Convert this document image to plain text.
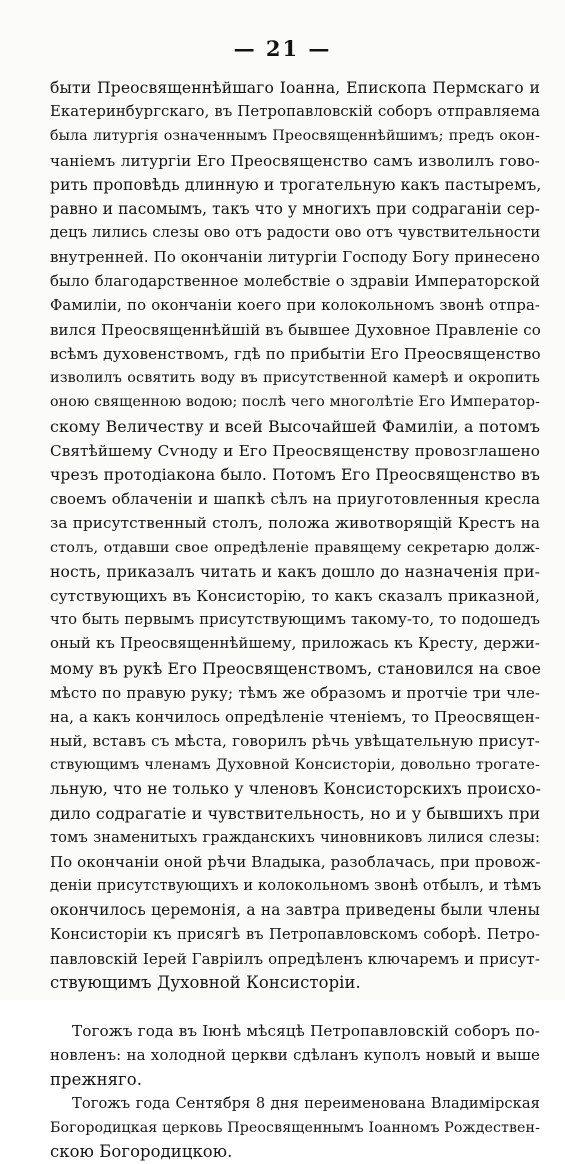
— 21 —
быти Преосвященнѣйшаго Іоанна, Епископа Пермскаго и
Екатеринбургскаго, въ Петропавловскій соборъ отправляема
была литургія означеннымъ Преосвященнѣйшимъ; предъ окон-
чаніемъ литургіи Его Преосвященство самъ изволилъ гово-
рить проповѣдь длинную и трогательную какъ пастыремъ,
равно и пасомымъ, такъ что у многихъ при содраганіи сер-
децъ лились слезы ово отъ радости ово отъ чувствительности
внутренней. По окончаніи литургіи Господу Богу принесено
было благодарственное молебствіе о здравіи Императорской
Фамиліи, по окончаніи коего при колокольномъ звонѣ отпра-
вился Преосвященнѣйшій въ бывшее Духовное Правленіе со
всѣмъ духовенствомъ, гдѣ по прибытіи Его Преосвященство
изволилъ освятить воду въ присутственной камерѣ и окропить
оною священною водою; послѣ чего многолѣтіе Его Император-
скому Величеству и всей Высочайшей Фамиліи, а потомъ
Святѣйшему Сѵноду и Его Преосвященству провозглашено
чрезъ протодіакона было. Потомъ Его Преосвященство въ
своемъ облаченіи и шапкѣ сѣлъ на приуготовленныя кресла
за присутственный столъ, положа животворящій Крестъ на
столъ, отдавши свое опредѣленіе правящему секретарю долж-
ность, приказалъ читать и какъ дошло до назначенія при-
сутствующихъ въ Консисторію, то какъ сказалъ приказной,
что быть первымъ присутствующимъ такому-то, то подошедъ
оный къ Преосвященнѣйшему, приложась къ Кресту, держи-
мому въ рукѣ Его Преосвященствомъ, становился на свое
мѣсто по правую руку; тѣмъ же образомъ и протчіе три чле-
на, а какъ кончилось опредѣленіе чтеніемъ, то Преосвящен-
ный, вставъ съ мѣста, говорилъ рѣчь увѣщательную присут-
ствующимъ членамъ Духовной Консисторіи, довольно трогате-
льную, что не только у членовъ Консисторскихъ происхо-
дило содрагатіе и чувствительность, но и у бывшихъ при
томъ знаменитыхъ гражданскихъ чиновниковъ лилися слезы:
По окончаніи оной рѣчи Владыка, разоблачась, при провож-
деніи присутствующихъ и колокольномъ звонѣ отбылъ, и тѣмъ
окончилось церемонія, а на завтра приведены были члены
Консисторіи къ присягѣ въ Петропавловскомъ соборѣ. Петро-
павловскій Іерей Гавріилъ опредѣленъ ключаремъ и присут-
ствующимъ Духовной Консисторіи.
Тогожъ года въ Іюнѣ мѣсяцѣ Петропавловскій соборъ по-
новленъ: на холодной церкви сдѣланъ куполъ новый и выше
прежняго.
Тогожъ года Сентября 8 дня переименована Владимірская
Богородицкая церковь Преосвященнымъ Іоанномъ Рождествен-
скою Богородицкою.
